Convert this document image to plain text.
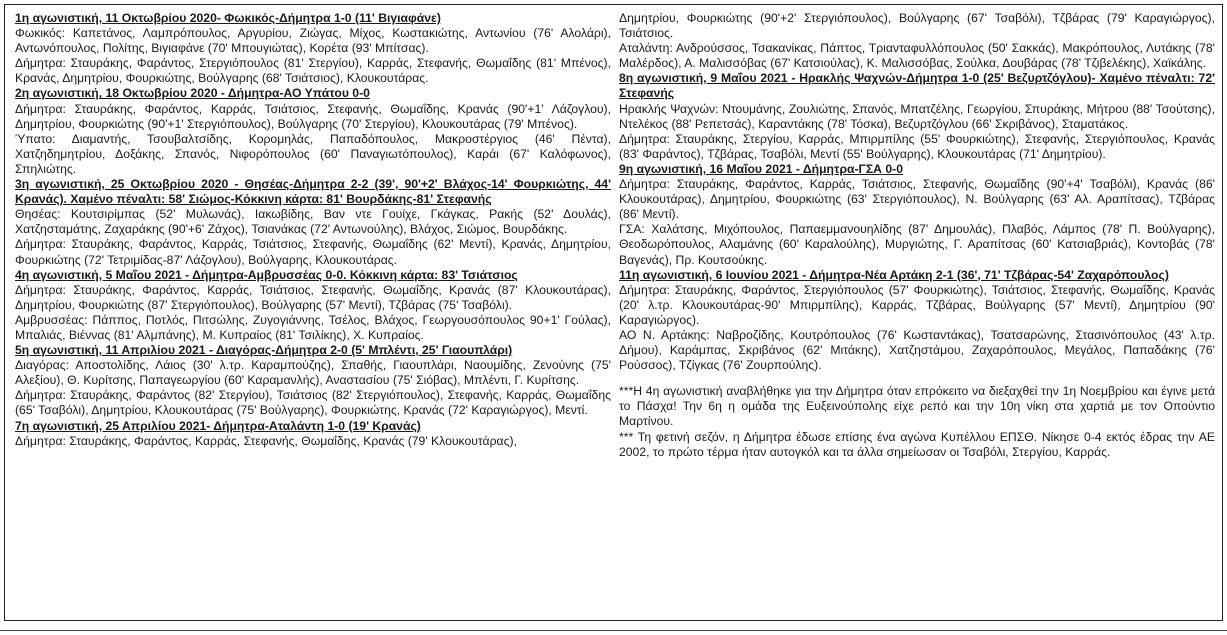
1η αγωνιστική, 11 Οκτωβρίου 2020- Φωκικός-Δήμητρα 1-0 (11' Βιγιαφάνε)

Φωκικός: Καπετάνος, Λαμπρόπουλος, Αργυρίου, Ζιώγας, Μίχος, Κωστακιώτης, Αντωνίου (76' Αλολάρι), Αντωνόπουλος, Πολίτης, Βιγιαφάνε (70' Μπουγιώτας), Κορέτα (93' Μπίτσας).

Δήμητρα: Σταυράκης, Φαράντος, Στεργιόπουλος (81' Στεργίου), Καρράς, Στεφανής, Θωμαΐδης (81' Μπένος), Κρανάς, Δημητρίου, Φουρκιώτης, Βούλγαρης (68' Τσιάτσιος), Κλουκουτάρας.

2η αγωνιστική, 18 Οκτωβρίου 2020 - Δήμητρα-ΑΟ Υπάτου 0-0

Δήμητρα: Σταυράκης, Φαράντος, Καρράς, Τσιάτσιος, Στεφανής, Θωμαΐδης, Κρανάς (90'+1' Λάζογλου), Δημητρίου, Φουρκιώτης (90'+1' Στεργιόπουλος), Βούλγαρης (70' Στεργίου), Κλουκουτάρας (79' Μπένος).

Ύπατο: Διαμαντής, Τσουβαλτσίδης, Κορομηλάς, Παπαδόπουλος, Μακροστέργιος (46' Πέντα), Χατζηδημητρίου, Δοξάκης, Σπανός, Νιφορόπουλος (60' Παναγιωτόπουλος), Καράι (67' Καλόφωνος), Σπηλιώτης.

3η αγωνιστική, 25 Οκτωβρίου 2020 - Θησέας-Δήμητρα 2-2 (39', 90'+2' Βλάχος-14' Φουρκιώτης, 44' Κρανάς). Χαμένο πέναλτι: 58' Σιώμος-Κόκκινη κάρτα: 81' Βουρδάκης-81' Στεφανής

Θησέας: Κουτσιρίμπας (52' Μυλωνάς), Ιακωβίδης, Βαν ντε Γουίχε, Γκάγκας, Ρακής (52' Δουλάς), Χατζησταμάτης, Ζαχαράκης (90'+6' Ζάχος), Τσιανάκας (72' Αντωνούλης), Βλάχος, Σιώμος, Βουρδάκης.

Δήμητρα: Σταυράκης, Φαράντος, Καρράς, Τσιάτσιος, Στεφανής, Θωμαΐδης (62' Μεντί), Κρανάς, Δημητρίου, Φουρκιώτης (72' Τετριμίδας-87' Λάζογλου), Βούλγαρης, Κλουκουτάρας.

4η αγωνιστική, 5 Μαΐου 2021 - Δήμητρα-Αμβρυσσέας 0-0. Κόκκινη κάρτα: 83' Τσιάτσιος

Δήμητρα: Σταυράκης, Φαράντος, Καρράς, Τσιάτσιος, Στεφανής, Θωμαΐδης, Κρανάς (87' Κλουκουτάρας), Δημητρίου, Φουρκιώτης (87' Στεργιόπουλος), Βούλγαρης (57' Μεντί), Τζβάρας (75' Τσαβόλι).

Αμβρυσσέας: Πάππος, Ποτλός, Πιτσώλης, Ζυγογιάννης, Τσέλος, Βλάχος, Γεωργουσόπουλος 90+1' Γούλας), Μπαλιάς, Βιέννας (81' Αλμπάνης), Μ. Κυπραίος (81' Τσιλίκης), Χ. Κυπραίος.

5η αγωνιστική, 11 Απριλίου 2021 - Διαγόρας-Δήμητρα 2-0 (5' Μπλέντι, 25' Γιαουπλάρι)

Διαγόρας: Αποστολίδης, Λάιος (30' λ.τρ. Καραμπούζης), Σπαθής, Γιαουπλάρι, Ναουμίδης, Ζενούνης (75' Αλεξίου), Θ. Κυρίτσης, Παπαγεωργίου (60' Καραμανλής), Αναστασίου (75' Σιόβας), Μπλέντι, Γ. Κυρίτσης.

Δήμητρα: Σταυράκης, Φαράντος (82' Στεργίου), Τσιάτσιος (82' Στεργιόπουλος), Στεφανής, Καρράς, Θωμαΐδης (65' Τσαβόλι), Δημητρίου, Κλουκουτάρας (75' Βούλγαρης), Φουρκιώτης, Κρανάς (72' Καραγιώργος), Μεντί.

7η αγωνιστική, 25 Απριλίου 2021- Δήμητρα-Αταλάντη 1-0 (19' Κρανάς)

Δήμητρα: Σταυράκης, Φαράντος, Καρράς, Στεφανής, Θωμαΐδης, Κρανάς (79' Κλουκουτάρας),

Δημητρίου, Φουρκιώτης (90'+2' Στεργιόπουλος), Βούλγαρης (67' Τσαβόλι), Τζβάρας (79' Καραγιώργος), Τσιάτσιος.

Αταλάντη: Ανδρούσσος, Τσακανίκας, Πάπτος, Τριανταφυλλόπουλος (50' Σακκάς), Μακρόπουλος, Λυτάκης (78' Μαλέρδος), Α. Μαλισσόβας (67' Κατσιούλας), Κ. Μαλισσόβας, Σούλκα, Δουβάρας (78' Τζιβελέκης), Χαϊκάλης.

8η αγωνιστική, 9 Μαΐου 2021 - Ηρακλής Ψαχνών-Δήμητρα 1-0 (25' Βεζυρτζόγλου)- Χαμένο πέναλτι: 72' Στεφανής

Ηρακλής Ψαχνών: Ντουμάνης, Ζουλιώτης, Σπανός, Μπατζέλης, Γεωργίου, Σπυράκης, Μήτρου (88' Τσούτσης), Ντελέκος (88' Ρεπετσάς), Καραντάκης (78' Τόσκα), Βεζυρτζόγλου (66' Σκριβάνος), Σταματάκος.

Δήμητρα: Σταυράκης, Στεργίου, Καρράς, Μπιρμπίλης (55' Φουρκιώτης), Στεφανής, Στεργιόπουλος, Κρανάς (83' Φαράντος), Τζβάρας, Τσαβόλι, Μεντί (55' Βούλγαρης), Κλουκουτάρας (71' Δημητρίου).

9η αγωνιστική, 16 Μαΐου 2021 - Δήμητρα-ΓΣΑ 0-0

Δήμητρα: Σταυράκης, Φαράντος, Καρράς, Τσιάτσιος, Στεφανής, Θωμαΐδης (90'+4' Τσαβόλι), Κρανάς (86' Κλουκουτάρας), Δημητρίου, Φουρκιώτης (63' Στεργιόπουλος), Ν. Βούλγαρης (63' Αλ. Αραπίτσας), Τζβάρας (86' Μεντί).

ΓΣΑ: Χαλάτσης, Μιχόπουλος, Παπαεμμανουηλίδης (87' Δημουλάς), Πλαβός, Λάμπος (78' Π. Βούλγαρης), Θεοδωρόπουλος, Αλαμάνης (60' Καραλούλης), Μυργιώτης, Γ. Αραπίτσας (60' Κατσιαβριάς), Κοντοβάς (78' Βαγενάς), Πρ. Κουτσούκης.

11η αγωνιστική, 6 Ιουνίου 2021 - Δήμητρα-Νέα Αρτάκη 2-1 (36', 71' Τζβάρας-54' Ζαχαρόπουλος)

Δήμητρα: Σταυράκης, Φαράντος, Στεργιόπουλος (57' Φουρκιώτης), Τσιάτσιος, Στεφανής, Θωμαΐδης, Κρανάς (20' λ.τρ. Κλουκουτάρας-90' Μπιρμπίλης), Καρράς, Τζβάρας, Βούλγαρης (57' Μεντί), Δημητρίου (90' Καραγιώργος).

ΑΟ Ν. Αρτάκης: Ναβροζίδης, Κουτρόπουλος (76' Κωσταντάκας), Τσατσαρώνης, Στασινόπουλος (43' λ.τρ. Δήμου), Καράμπας, Σκριβάνος (62' Μιτάκης), Χατζηστάμου, Ζαχαρόπουλος, Μεγάλος, Παπαδάκης (76' Ρούσσος), Τζίγκας (76' Ζουρπούλης).

***Η 4η αγωνιστική αναβλήθηκε για την Δήμητρα όταν επρόκειτο να διεξαχθεί την 1η Νοεμβρίου και έγινε μετά το Πάσχα! Την 6η η ομάδα της Ευξεινούπολης είχε ρεπό και την 10η νίκη στα χαρτιά με τον Οπούντιο Μαρτίνου.

*** Τη φετινή σεζόν, η Δήμητρα έδωσε επίσης ένα αγώνα Κυπέλλου ΕΠΣΘ. Νίκησε 0-4 εκτός έδρας την ΑΕ 2002, το πρώτο τέρμα ήταν αυτογκόλ και τα άλλα σημείωσαν οι Τσαβόλι, Στεργίου, Καρράς.
